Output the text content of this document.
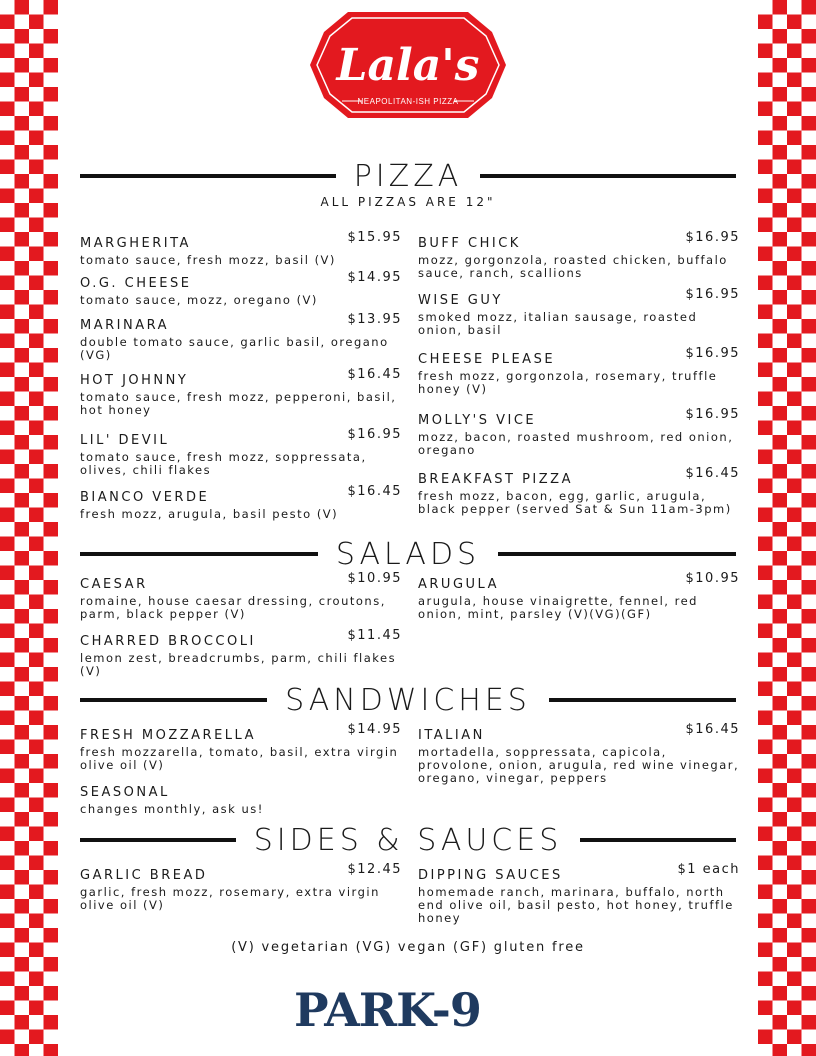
Lala's
NEAPOLITAN-ISH PIZZA
PIZZA
ALL PIZZAS ARE 12"
MARGHERITA	$15.95
tomato sauce, fresh mozz, basil (V)
O.G. CHEESE	$14.95
tomato sauce, mozz, oregano (V)
MARINARA	$13.95
double tomato sauce, garlic basil, oregano (VG)
HOT JOHNNY	$16.45
tomato sauce, fresh mozz, pepperoni, basil, hot honey
LIL' DEVIL	$16.95
tomato sauce, fresh mozz, soppressata, olives, chili flakes
BIANCO VERDE	$16.45
fresh mozz, arugula, basil pesto (V)
BUFF CHICK	$16.95
mozz, gorgonzola, roasted chicken, buffalo sauce, ranch, scallions
WISE GUY	$16.95
smoked mozz, italian sausage, roasted onion, basil
CHEESE PLEASE	$16.95
fresh mozz, gorgonzola, rosemary, truffle honey (V)
MOLLY'S VICE	$16.95
mozz, bacon, roasted mushroom, red onion, oregano
BREAKFAST PIZZA	$16.45
fresh mozz, bacon, egg, garlic, arugula, black pepper (served Sat & Sun 11am-3pm)
SALADS
CAESAR	$10.95
romaine, house caesar dressing, croutons, parm, black pepper (V)
CHARRED BROCCOLI	$11.45
lemon zest, breadcrumbs, parm, chili flakes (V)
ARUGULA	$10.95
arugula, house vinaigrette, fennel, red onion, mint, parsley (V)(VG)(GF)
SANDWICHES
FRESH MOZZARELLA	$14.95
fresh mozzarella, tomato, basil, extra virgin olive oil (V)
SEASONAL
changes monthly, ask us!
ITALIAN	$16.45
mortadella, soppressata, capicola, provolone, onion, arugula, red wine vinegar, oregano, vinegar, peppers
SIDES & SAUCES
GARLIC BREAD	$12.45
garlic, fresh mozz, rosemary, extra virgin olive oil (V)
DIPPING SAUCES	$1 each
homemade ranch, marinara, buffalo, north end olive oil, basil pesto, hot honey, truffle honey
(V) vegetarian (VG) vegan (GF) gluten free
PARK-9
